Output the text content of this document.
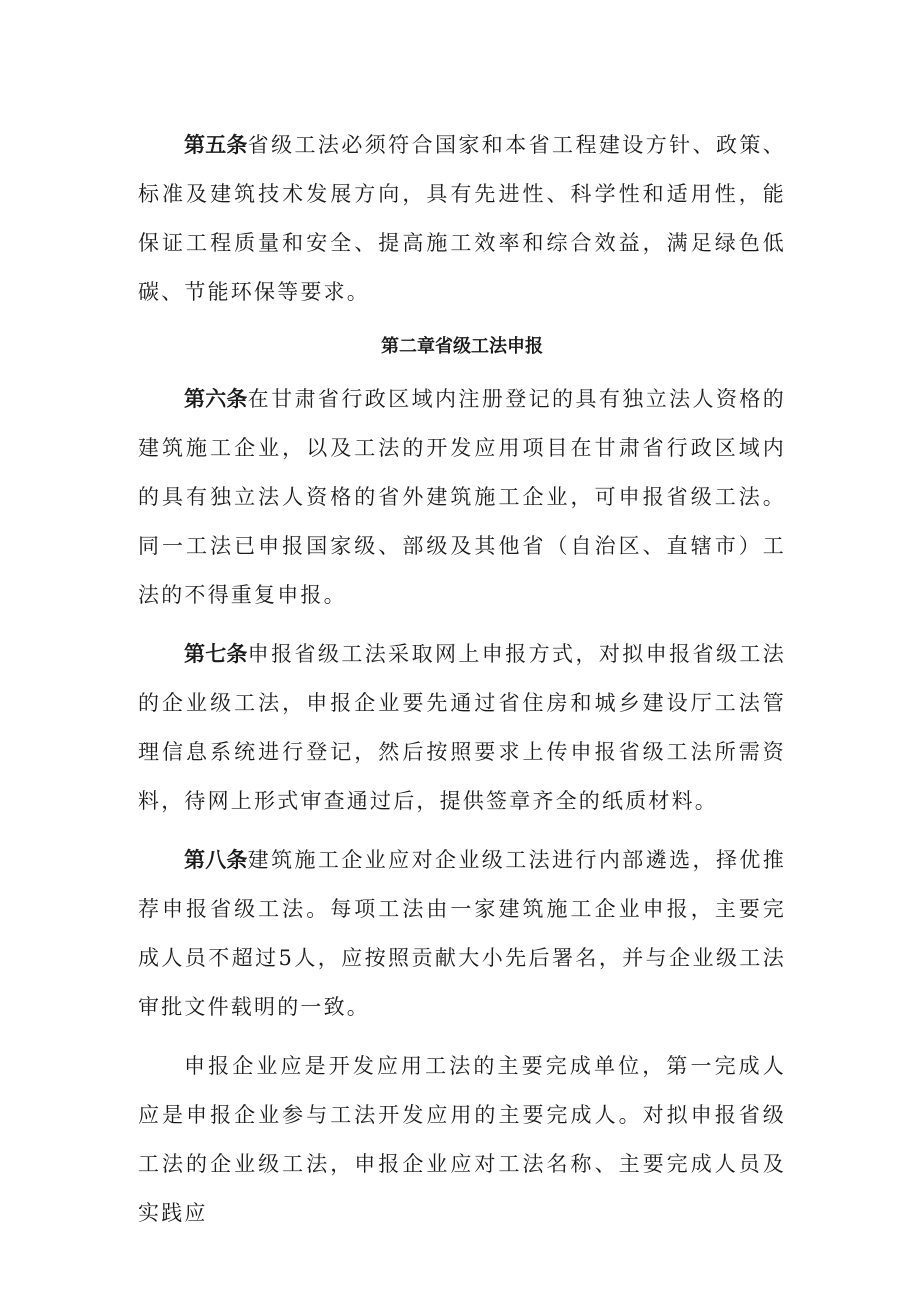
第五条省级工法必须符合国家和本省工程建设方针、政策、标准及建筑技术发展方向，具有先进性、科学性和适用性，能保证工程质量和安全、提高施工效率和综合效益，满足绿色低碳、节能环保等要求。

第二章省级工法申报

第六条在甘肃省行政区域内注册登记的具有独立法人资格的建筑施工企业，以及工法的开发应用项目在甘肃省行政区域内的具有独立法人资格的省外建筑施工企业，可申报省级工法。同一工法已申报国家级、部级及其他省（自治区、直辖市）工法的不得重复申报。

第七条申报省级工法采取网上申报方式，对拟申报省级工法的企业级工法，申报企业要先通过省住房和城乡建设厅工法管理信息系统进行登记，然后按照要求上传申报省级工法所需资料，待网上形式审查通过后，提供签章齐全的纸质材料。

第八条建筑施工企业应对企业级工法进行内部遴选，择优推荐申报省级工法。每项工法由一家建筑施工企业申报，主要完成人员不超过5人，应按照贡献大小先后署名，并与企业级工法审批文件载明的一致。

申报企业应是开发应用工法的主要完成单位，第一完成人应是申报企业参与工法开发应用的主要完成人。对拟申报省级工法的企业级工法，申报企业应对工法名称、主要完成人员及实践应
